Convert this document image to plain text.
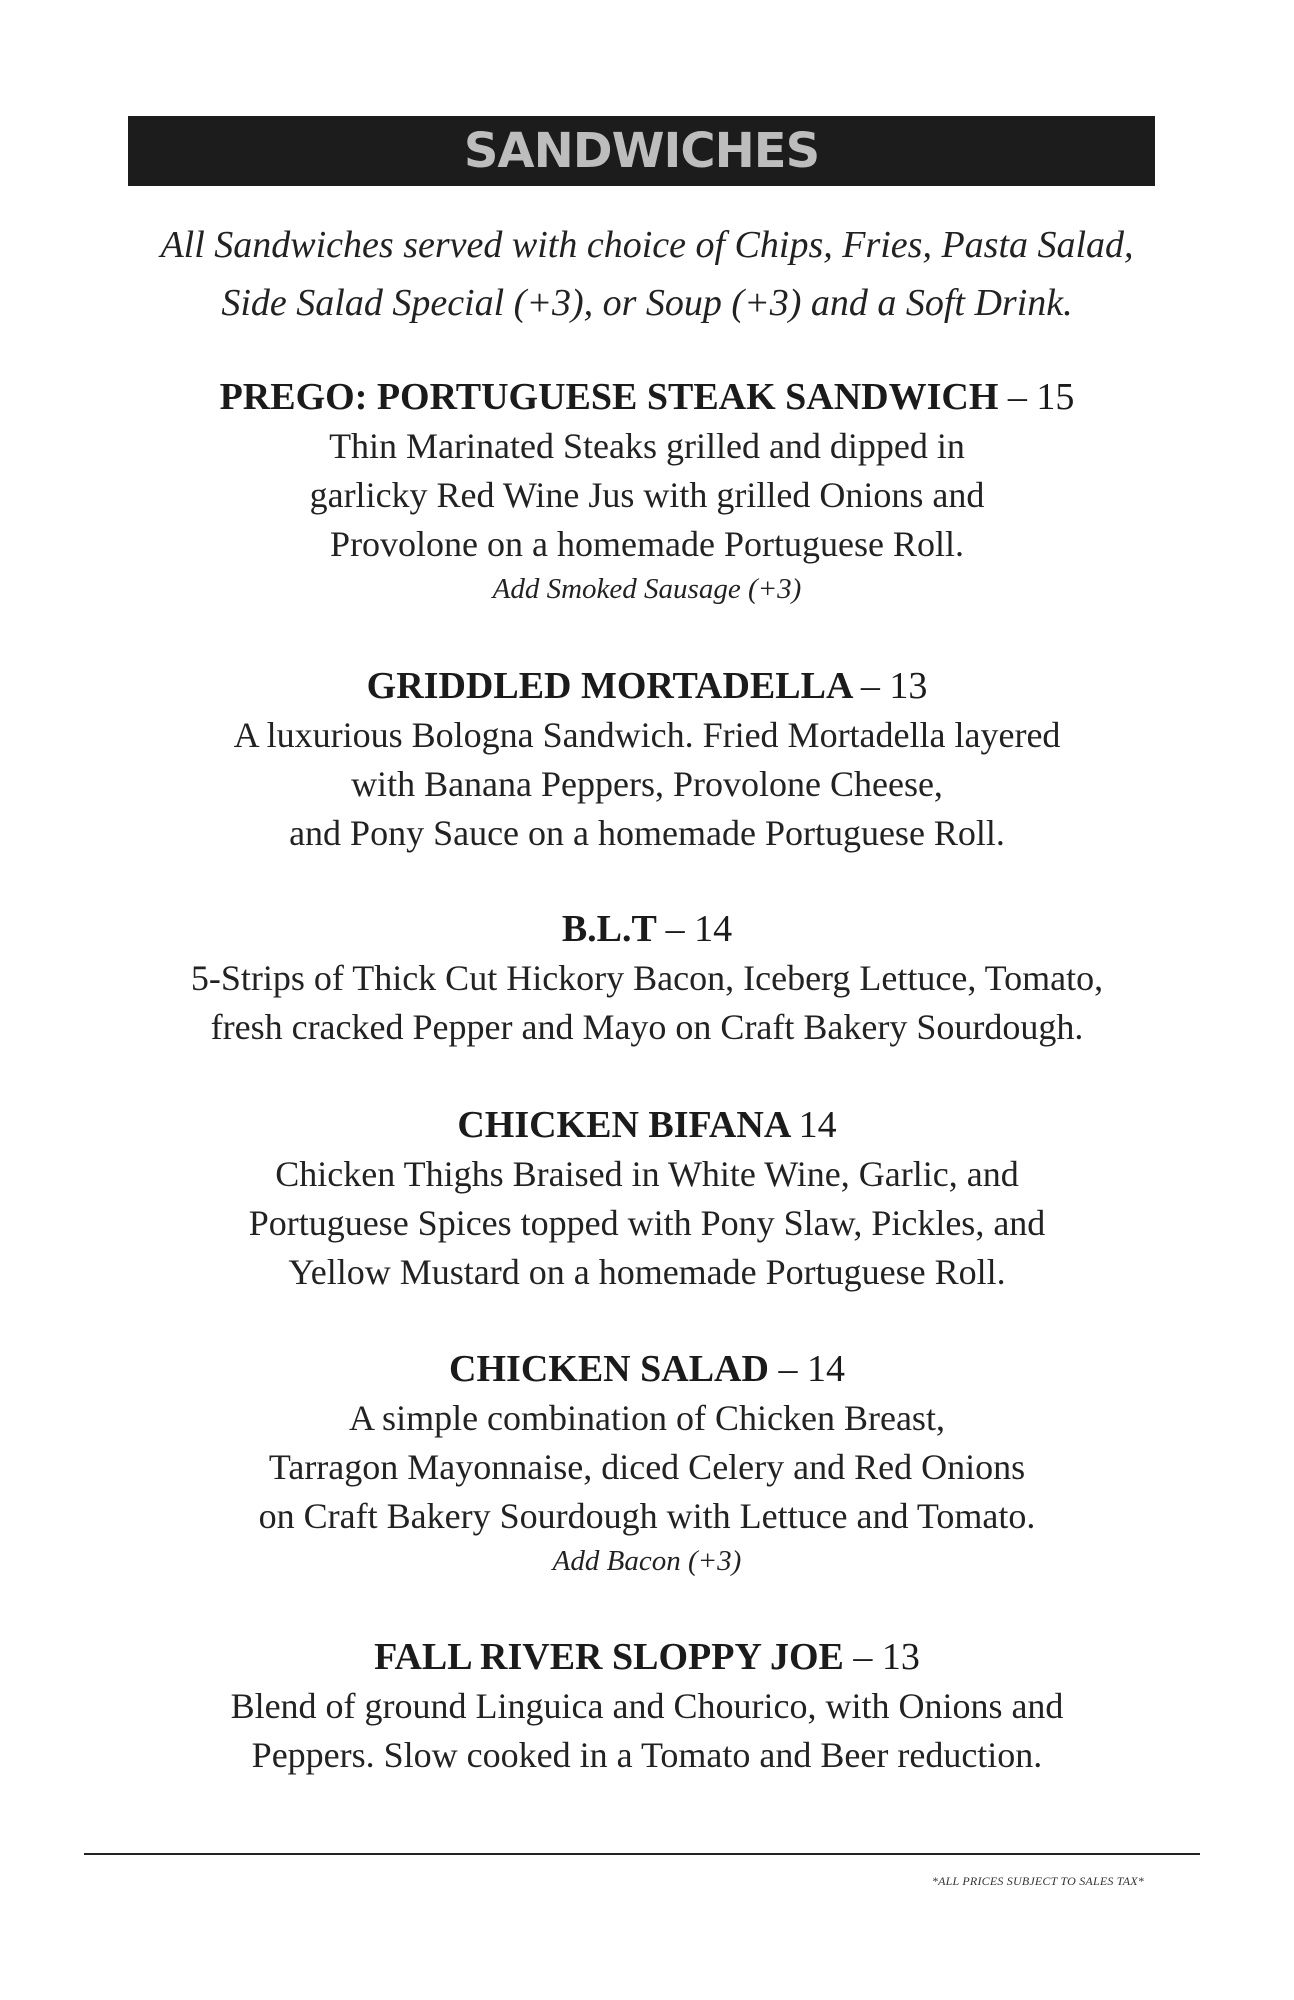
SANDWICHES
All Sandwiches served with choice of Chips, Fries, Pasta Salad,
Side Salad Special (+3), or Soup (+3) and a Soft Drink.
PREGO: PORTUGUESE STEAK SANDWICH – 15
Thin Marinated Steaks grilled and dipped in
garlicky Red Wine Jus with grilled Onions and
Provolone on a homemade Portuguese Roll.
Add Smoked Sausage (+3)
GRIDDLED MORTADELLA – 13
A luxurious Bologna Sandwich. Fried Mortadella layered
with Banana Peppers, Provolone Cheese,
and Pony Sauce on a homemade Portuguese Roll.
B.L.T – 14
5-Strips of Thick Cut Hickory Bacon, Iceberg Lettuce, Tomato,
fresh cracked Pepper and Mayo on Craft Bakery Sourdough.
CHICKEN BIFANA 14
Chicken Thighs Braised in White Wine, Garlic, and
Portuguese Spices topped with Pony Slaw, Pickles, and
Yellow Mustard on a homemade Portuguese Roll.
CHICKEN SALAD – 14
A simple combination of Chicken Breast,
Tarragon Mayonnaise, diced Celery and Red Onions
on Craft Bakery Sourdough with Lettuce and Tomato.
Add Bacon (+3)
FALL RIVER SLOPPY JOE – 13
Blend of ground Linguica and Chourico, with Onions and
Peppers. Slow cooked in a Tomato and Beer reduction.
*ALL PRICES SUBJECT TO SALES TAX*
